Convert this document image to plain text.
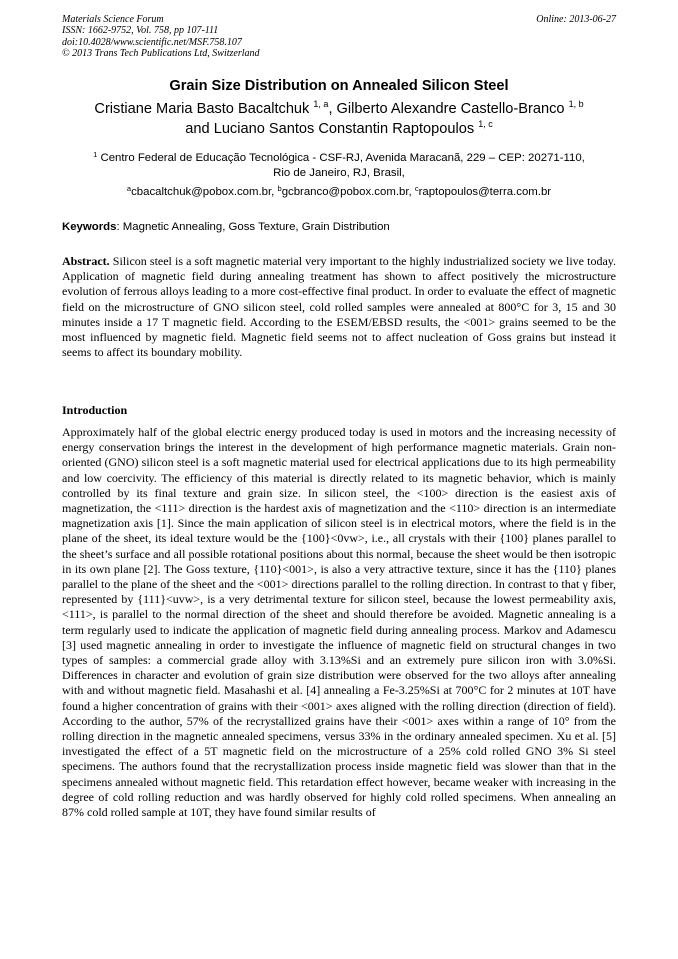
Materials Science Forum
ISSN: 1662-9752, Vol. 758, pp 107-111
doi:10.4028/www.scientific.net/MSF.758.107
© 2013 Trans Tech Publications Ltd, Switzerland
Online: 2013-06-27
Grain Size Distribution on Annealed Silicon Steel
Cristiane Maria Basto Bacaltchuk $^{1, a}$, Gilberto Alexandre Castello-Branco $^{1, b}$
and Luciano Santos Constantin Raptopoulos $^{1, c}$
$^1$ Centro Federal de Educação Tecnológica - CSF-RJ, Avenida Maracanã, 229 – CEP: 20271-110,
Rio de Janeiro, RJ, Brasil,
$^a$cbacaltchuk@pobox.com.br, $^b$gcbranco@pobox.com.br, $^c$raptopoulos@terra.com.br
Keywords: Magnetic Annealing, Goss Texture, Grain Distribution
Abstract. Silicon steel is a soft magnetic material very important to the highly industrialized society we live today. Application of magnetic field during annealing treatment has shown to affect positively the microstructure evolution of ferrous alloys leading to a more cost-effective final product. In order to evaluate the effect of magnetic field on the microstructure of GNO silicon steel, cold rolled samples were annealed at 800°C for 3, 15 and 30 minutes inside a 17 T magnetic field. According to the ESEM/EBSD results, the <001> grains seemed to be the most influenced by magnetic field. Magnetic field seems not to affect nucleation of Goss grains but instead it seems to affect its boundary mobility.
Introduction
Approximately half of the global electric energy produced today is used in motors and the increasing necessity of energy conservation brings the interest in the development of high performance magnetic materials. Grain non-oriented (GNO) silicon steel is a soft magnetic material used for electrical applications due to its high permeability and low coercivity. The efficiency of this material is directly related to its magnetic behavior, which is mainly controlled by its final texture and grain size. In silicon steel, the <100> direction is the easiest axis of magnetization, the <111> direction is the hardest axis of magnetization and the <110> direction is an intermediate magnetization axis [1]. Since the main application of silicon steel is in electrical motors, where the field is in the plane of the sheet, its ideal texture would be the {100}<0vw>, i.e., all crystals with their {100} planes parallel to the sheet’s surface and all possible rotational positions about this normal, because the sheet would be then isotropic in its own plane [2]. The Goss texture, {110}<001>, is also a very attractive texture, since it has the {110} planes parallel to the plane of the sheet and the <001> directions parallel to the rolling direction. In contrast to that γ fiber, represented by {111}<uvw>, is a very detrimental texture for silicon steel, because the lowest permeability axis, <111>, is parallel to the normal direction of the sheet and should therefore be avoided. Magnetic annealing is a term regularly used to indicate the application of magnetic field during annealing process. Markov and Adamescu [3] used magnetic annealing in order to investigate the influence of magnetic field on structural changes in two types of samples: a commercial grade alloy with 3.13%Si and an extremely pure silicon iron with 3.0%Si. Differences in character and evolution of grain size distribution were observed for the two alloys after annealing with and without magnetic field. Masahashi et al. [4] annealing a Fe-3.25%Si at 700°C for 2 minutes at 10T have found a higher concentration of grains with their <001> axes aligned with the rolling direction (direction of field). According to the author, 57% of the recrystallized grains have their <001> axes within a range of 10° from the rolling direction in the magnetic annealed specimens, versus 33% in the ordinary annealed specimen. Xu et al. [5] investigated the effect of a 5T magnetic field on the microstructure of a 25% cold rolled GNO 3% Si steel specimens. The authors found that the recrystallization process inside magnetic field was slower than that in the specimens annealed without magnetic field. This retardation effect however, became weaker with increasing in the degree of cold rolling reduction and was hardly observed for highly cold rolled specimens. When annealing an 87% cold rolled sample at 10T, they have found similar results of
